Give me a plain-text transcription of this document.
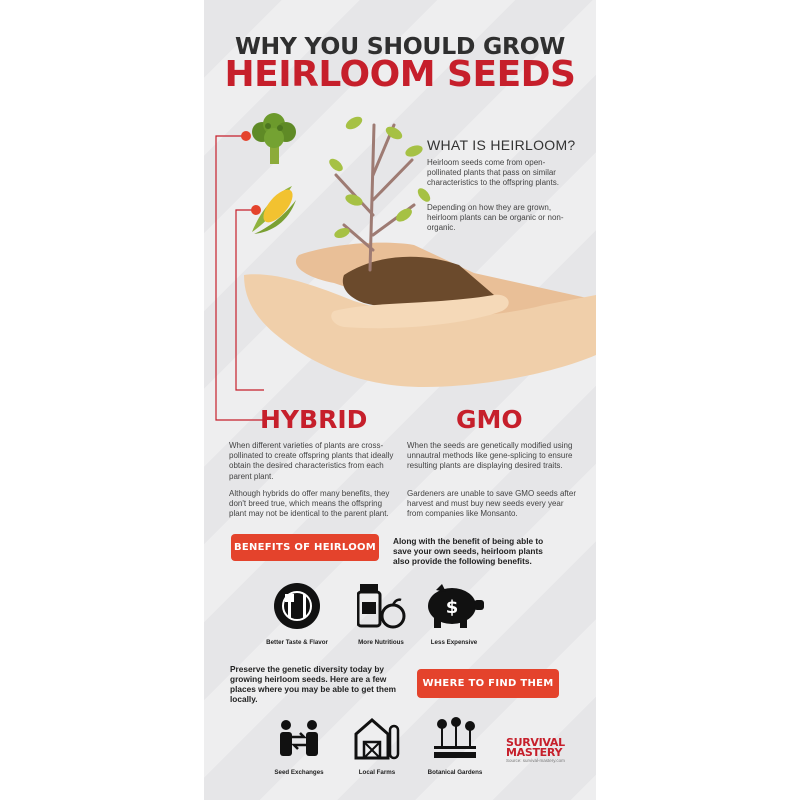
WHY YOU SHOULD GROW
HEIRLOOM SEEDS
WHAT IS HEIRLOOM?
Heirloom seeds come from open-pollinated plants that pass on similar characteristics to the offspring plants.
Depending on how they are grown, heirloom plants can be organic or non-organic.
HYBRID
When different varieties of plants are cross-pollinated to create offspring plants that ideally obtain the desired characteristics from each parent plant.
Although hybrids do offer many benefits, they don't breed true, which means the offspring plant may not be identical to the parent plant.
GMO
When the seeds are genetically modified using unnautral methods like gene-splicing to ensure resulting plants are displaying desired traits.
Gardeners are unable to save GMO seeds after harvest and must buy new seeds every year from companies like Monsanto.
BENEFITS OF HEIRLOOM
Along with the benefit of being able to save your own seeds, heirloom plants also provide the following benefits.
Better Taste & Flavor	More Nutritious
$
Less Expensive
Preserve the genetic diversity today by growing heirloom seeds. Here are a few places where you may be able to get them locally.
WHERE TO FIND THEM
Seed Exchanges	Local Farms	Botanical Gardens
SURVIVAL
MASTERY
Source: survival-mastery.com
